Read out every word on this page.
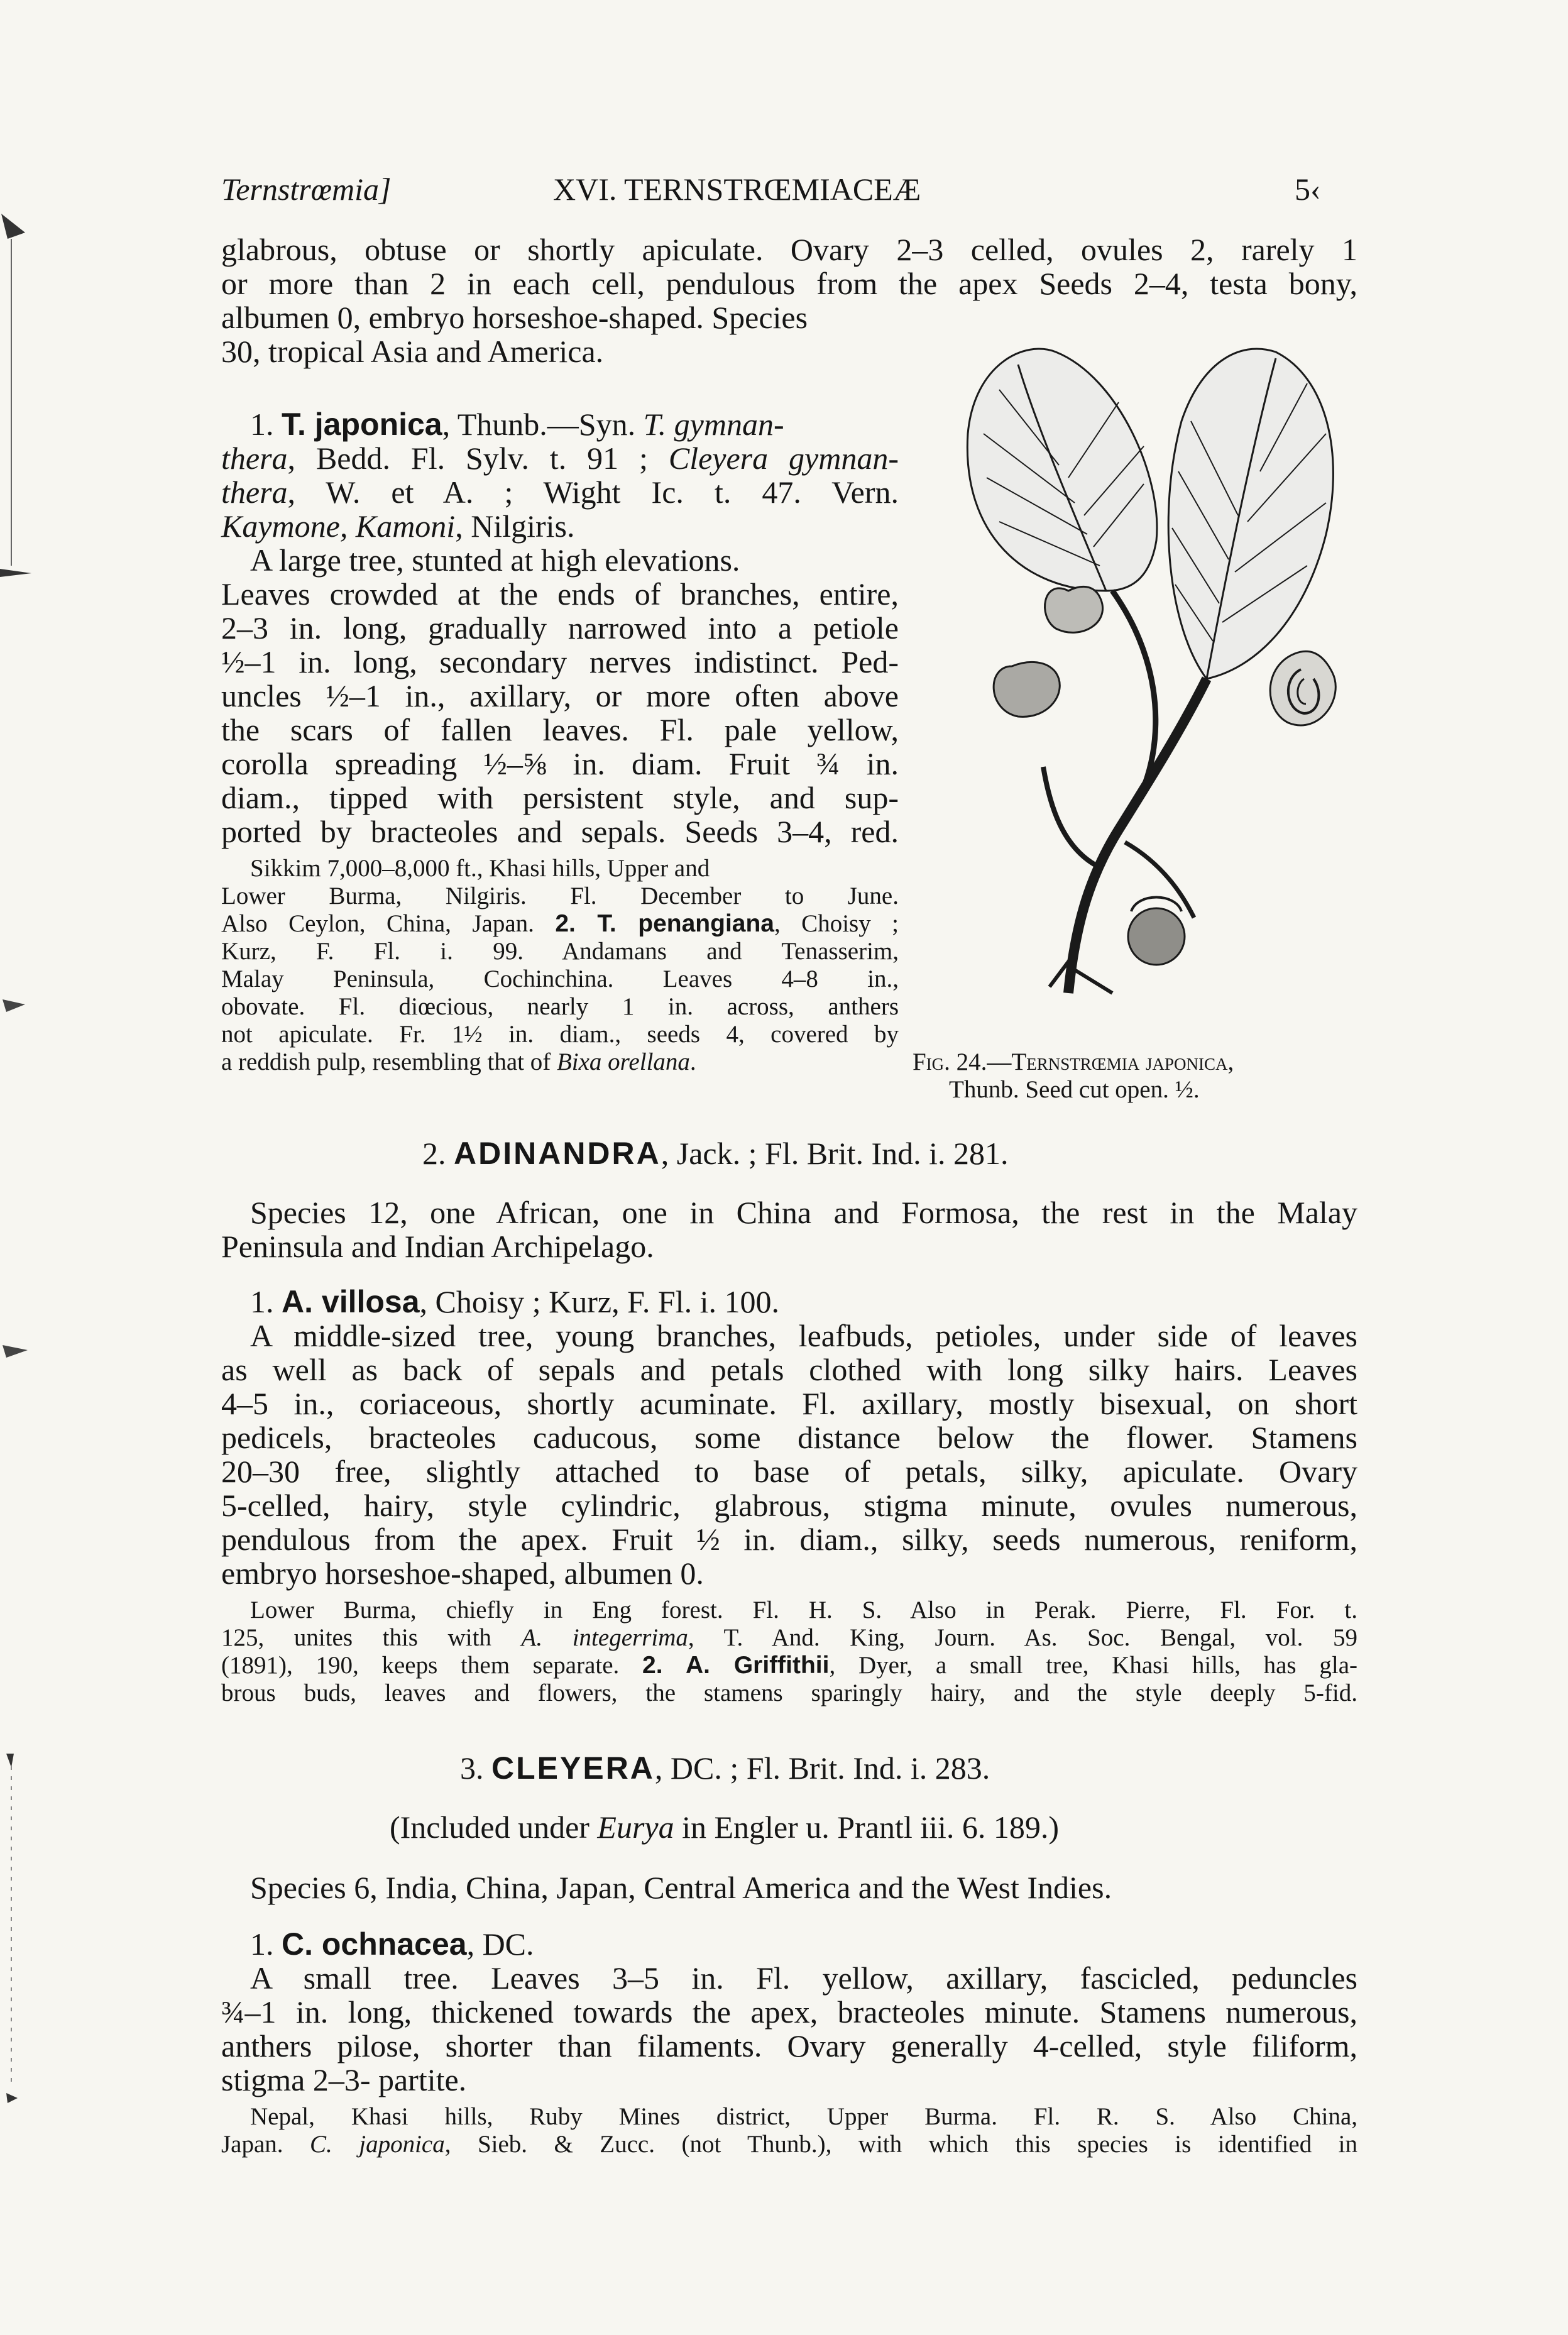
Ternstrœmia]	XVI. TERNSTRŒMIACEÆ	5‹
glabrous, obtuse or shortly apiculate. Ovary 2–3 celled, ovules 2, rarely 1
or more than 2 in each cell, pendulous from the apex Seeds 2–4, testa bony,
albumen 0, embryo horseshoe-shaped. Species
30, tropical Asia and America.
1. T. japonica, Thunb.—Syn. T. gymnan-
thera, Bedd. Fl. Sylv. t. 91 ; Cleyera gymnan-
thera, W. et A. ; Wight Ic. t. 47. Vern.
Kaymone, Kamoni, Nilgiris.
A large tree, stunted at high elevations.
Leaves crowded at the ends of branches, entire,
2–3 in. long, gradually narrowed into a petiole
½–1 in. long, secondary nerves indistinct. Ped-
uncles ½–1 in., axillary, or more often above
the scars of fallen leaves. Fl. pale yellow,
corolla spreading ½–⅝ in. diam. Fruit ¾ in.
diam., tipped with persistent style, and sup-
ported by bracteoles and sepals. Seeds 3–4, red.
Sikkim 7,000–8,000 ft., Khasi hills, Upper and
Lower Burma, Nilgiris. Fl. December to June.
Also Ceylon, China, Japan. 2. T. penangiana, Choisy ;
Kurz, F. Fl. i. 99. Andamans and Tenasserim,
Malay Peninsula, Cochinchina. Leaves 4–8 in.,
obovate. Fl. diœcious, nearly 1 in. across, anthers
not apiculate. Fr. 1½ in. diam., seeds 4, covered by
a reddish pulp, resembling that of Bixa orellana.	Fig. 24.—Ternstrœmia japonica,
Thunb. Seed cut open. ½.
2. ADINANDRA, Jack. ; Fl. Brit. Ind. i. 281.
Species 12, one African, one in China and Formosa, the rest in the Malay
Peninsula and Indian Archipelago.
1. A. villosa, Choisy ; Kurz, F. Fl. i. 100.
A middle-sized tree, young branches, leafbuds, petioles, under side of leaves
as well as back of sepals and petals clothed with long silky hairs. Leaves
4–5 in., coriaceous, shortly acuminate. Fl. axillary, mostly bisexual, on short
pedicels, bracteoles caducous, some distance below the flower. Stamens
20–30 free, slightly attached to base of petals, silky, apiculate. Ovary
5-celled, hairy, style cylindric, glabrous, stigma minute, ovules numerous,
pendulous from the apex. Fruit ½ in. diam., silky, seeds numerous, reniform,
embryo horseshoe-shaped, albumen 0.
Lower Burma, chiefly in Eng forest. Fl. H. S. Also in Perak. Pierre, Fl. For. t.
125, unites this with A. integerrima, T. And. King, Journ. As. Soc. Bengal, vol. 59
(1891), 190, keeps them separate. 2. A. Griffithii, Dyer, a small tree, Khasi hills, has gla-
brous buds, leaves and flowers, the stamens sparingly hairy, and the style deeply 5-fid.
3. CLEYERA, DC. ; Fl. Brit. Ind. i. 283.
(Included under Eurya in Engler u. Prantl iii. 6. 189.)
Species 6, India, China, Japan, Central America and the West Indies.
1. C. ochnacea, DC.
A small tree. Leaves 3–5 in. Fl. yellow, axillary, fascicled, peduncles
¾–1 in. long, thickened towards the apex, bracteoles minute. Stamens numerous,
anthers pilose, shorter than filaments. Ovary generally 4-celled, style filiform,
stigma 2–3- partite.
Nepal, Khasi hills, Ruby Mines district, Upper Burma. Fl. R. S. Also China,
Japan. C. japonica, Sieb. & Zucc. (not Thunb.), with which this species is identified in
